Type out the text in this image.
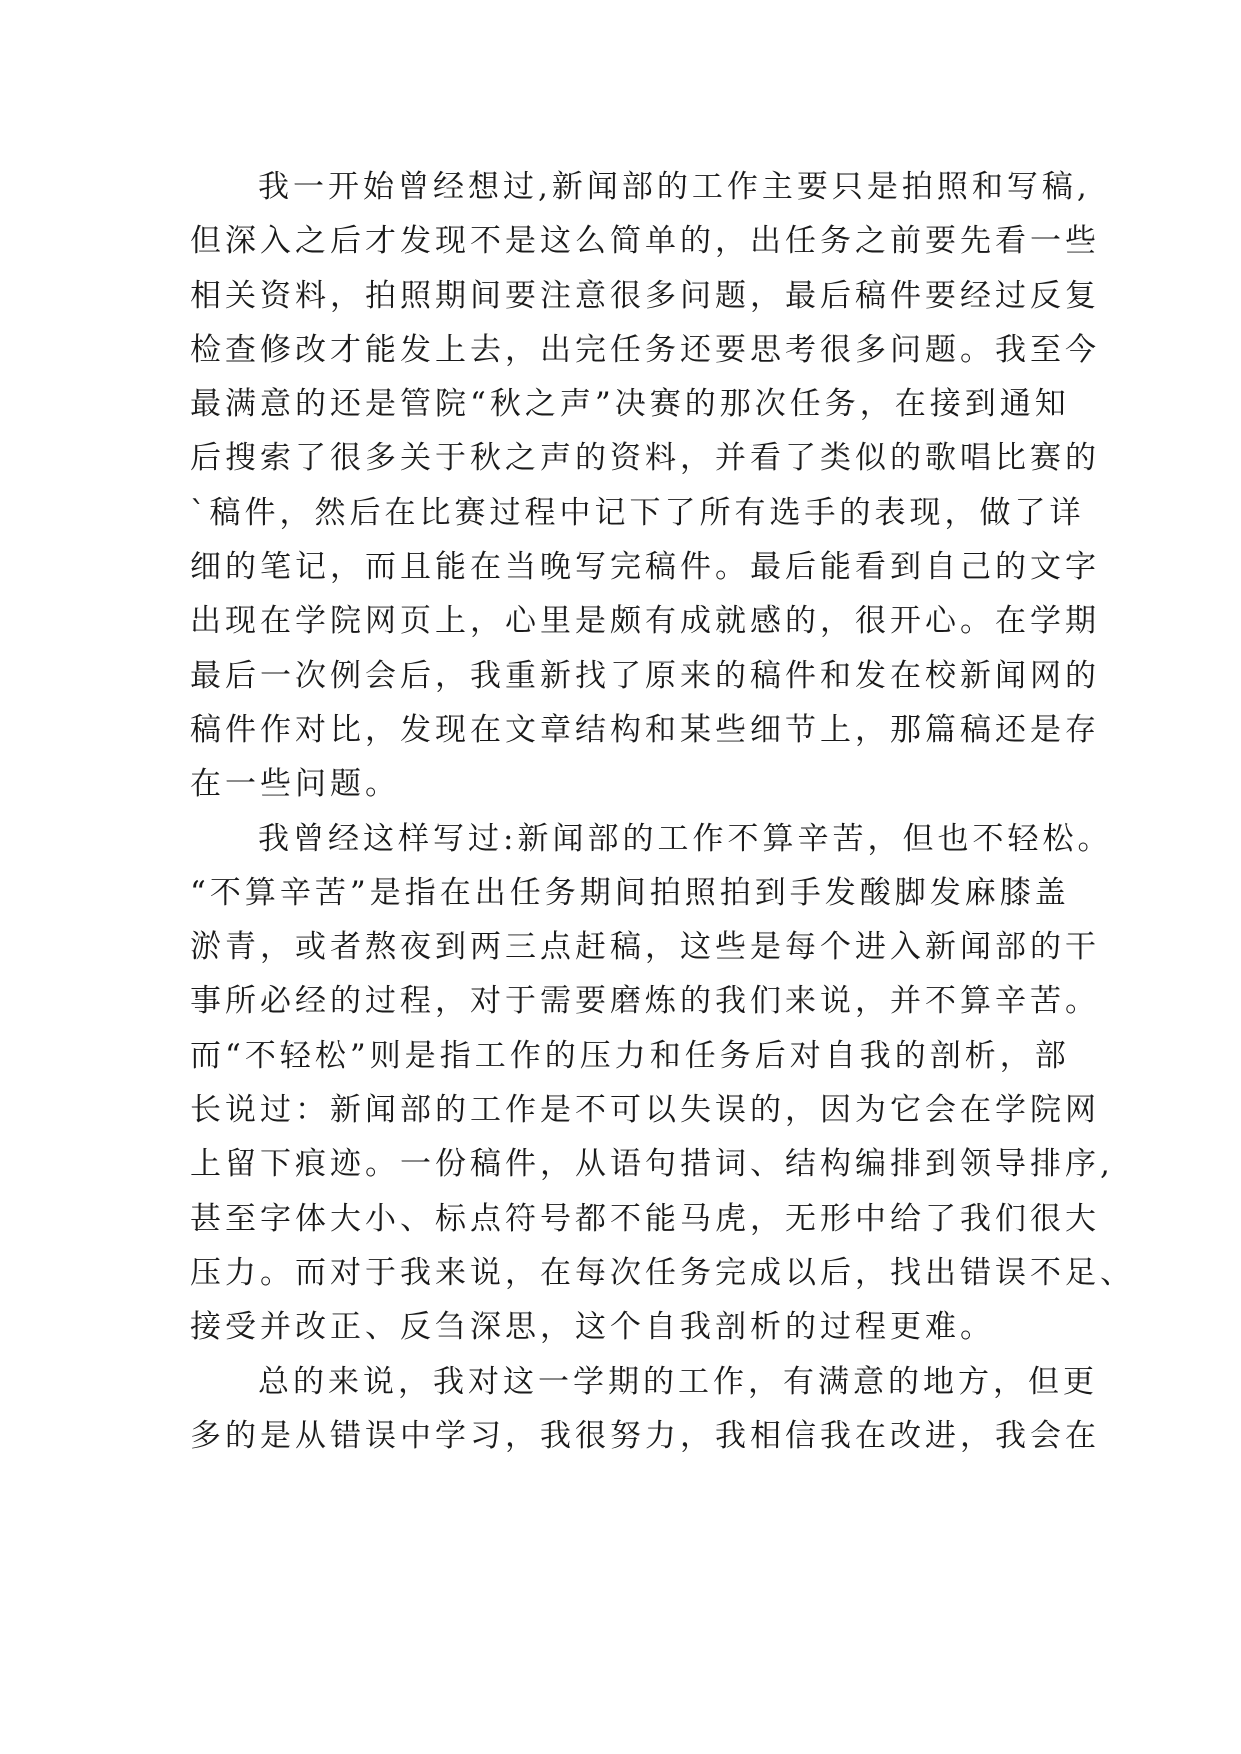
我一开始曾经想过,新闻部的工作主要只是拍照和写稿,
但深入之后才发现不是这么简单的，出任务之前要先看一些
相关资料，拍照期间要注意很多问题，最后稿件要经过反复
检查修改才能发上去，出完任务还要思考很多问题。我至今
最满意的还是管院“秋之声”决赛的那次任务，在接到通知
后搜索了很多关于秋之声的资料，并看了类似的歌唱比赛的
`稿件，然后在比赛过程中记下了所有选手的表现，做了详
细的笔记，而且能在当晚写完稿件。最后能看到自己的文字
出现在学院网页上，心里是颇有成就感的，很开心。在学期
最后一次例会后，我重新找了原来的稿件和发在校新闻网的
稿件作对比，发现在文章结构和某些细节上，那篇稿还是存
在一些问题。
我曾经这样写过:新闻部的工作不算辛苦，但也不轻松。
“不算辛苦”是指在出任务期间拍照拍到手发酸脚发麻膝盖
淤青，或者熬夜到两三点赶稿，这些是每个进入新闻部的干
事所必经的过程，对于需要磨炼的我们来说，并不算辛苦。
而“不轻松”则是指工作的压力和任务后对自我的剖析，部
长说过：新闻部的工作是不可以失误的，因为它会在学院网
上留下痕迹。一份稿件，从语句措词、结构编排到领导排序,
甚至字体大小、标点符号都不能马虎，无形中给了我们很大
压力。而对于我来说，在每次任务完成以后，找出错误不足、
接受并改正、反刍深思，这个自我剖析的过程更难。
总的来说，我对这一学期的工作，有满意的地方，但更
多的是从错误中学习，我很努力，我相信我在改进，我会在
